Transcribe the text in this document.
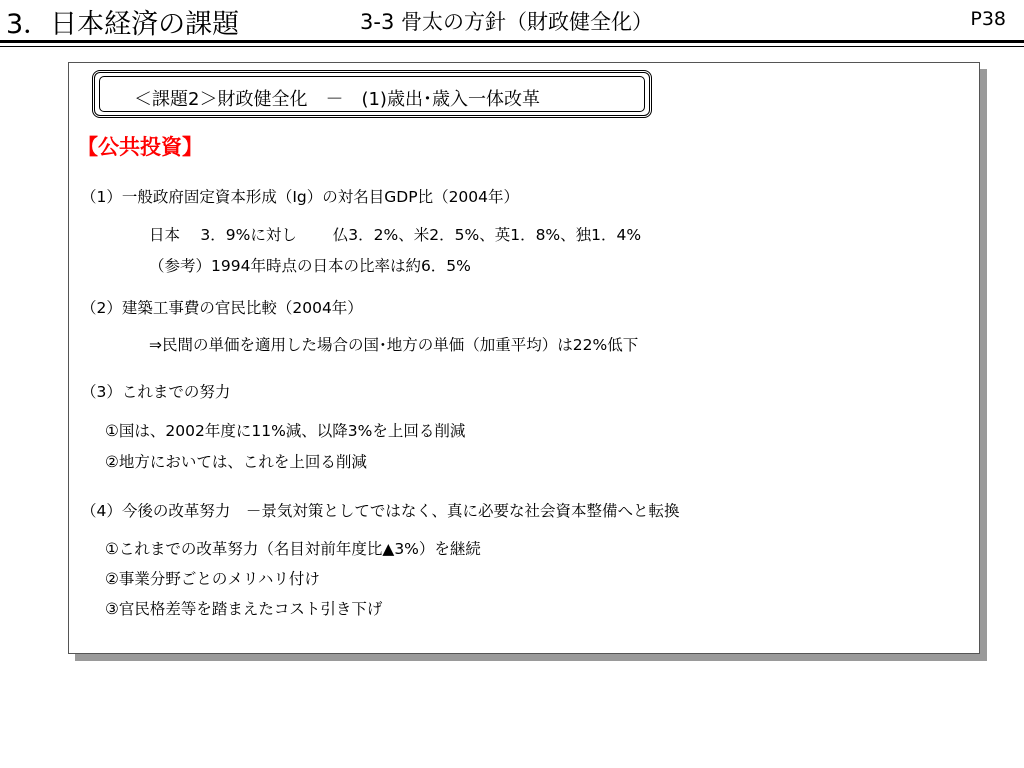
3．日本経済の課題	3-3 骨太の方針（財政健全化）	P38
＜課題2＞財政健全化　－　(1)歳出･歳入一体改革
【公共投資】
（1）一般政府固定資本形成（Ig）の対名目GDP比（2004年）
日本　 3．9%に対し　　 仏3．2%、米2．5%、英1．8%、独1．4%
（参考）1994年時点の日本の比率は約6．5%
（2）建築工事費の官民比較（2004年）
⇒民間の単価を適用した場合の国･地方の単価（加重平均）は22%低下
（3）これまでの努力
①国は、2002年度に11%減、以降3%を上回る削減
②地方においては、これを上回る削減
（4）今後の改革努力　－景気対策としてではなく、真に必要な社会資本整備へと転換
①これまでの改革努力（名目対前年度比▲3%）を継続
②事業分野ごとのメリハリ付け
③官民格差等を踏まえたコスト引き下げ
